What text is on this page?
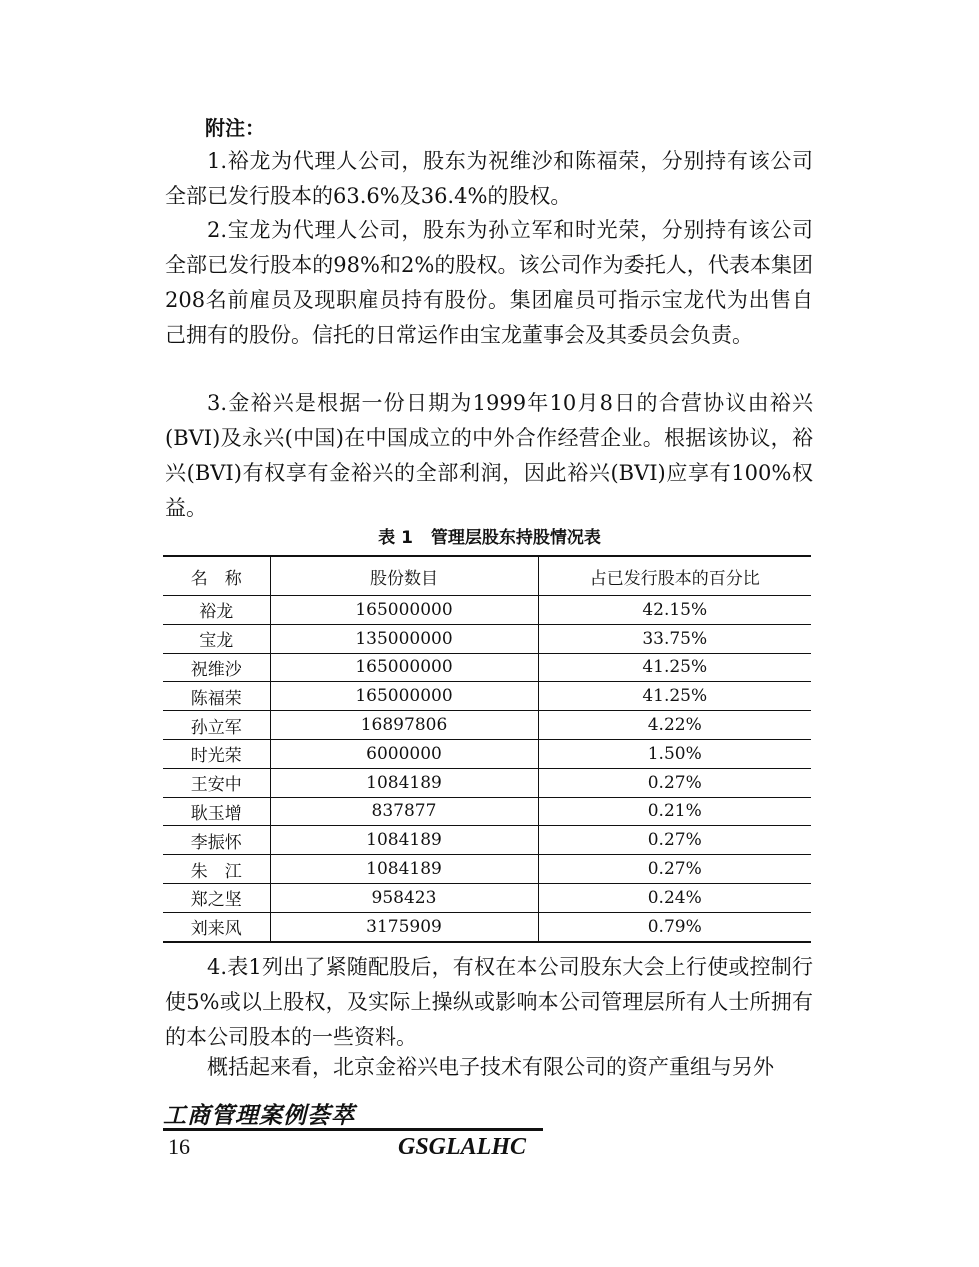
附注：

1.裕龙为代理人公司，股东为祝维沙和陈福荣，分别持有该公司全部已发行股本的63.6%及36.4%的股权。

2.宝龙为代理人公司，股东为孙立军和时光荣，分别持有该公司全部已发行股本的98%和2%的股权。该公司作为委托人，代表本集团208名前雇员及现职雇员持有股份。集团雇员可指示宝龙代为出售自己拥有的股份。信托的日常运作由宝龙董事会及其委员会负责。

3.金裕兴是根据一份日期为1999年10月8日的合营协议由裕兴(BVI)及永兴(中国)在中国成立的中外合作经营企业。根据该协议，裕兴(BVI)有权享有金裕兴的全部利润，因此裕兴(BVI)应享有100%权益。

表 1 管理层股东持股情况表
名　称	股份数目	占已发行股本的百分比
裕龙	165000000	42.15%
宝龙	135000000	33.75%
祝维沙	165000000	41.25%
陈福荣	165000000	41.25%
孙立军	16897806	4.22%
时光荣	6000000	1.50%
王安中	1084189	0.27%
耿玉增	837877	0.21%
李振怀	1084189	0.27%
朱　江	1084189	0.27%
郑之坚	958423	0.24%
刘来风	3175909	0.79%

4.表1列出了紧随配股后，有权在本公司股东大会上行使或控制行使5%或以上股权，及实际上操纵或影响本公司管理层所有人士所拥有的本公司股本的一些资料。

概括起来看，北京金裕兴电子技术有限公司的资产重组与另外

工商管理案例荟萃
16	GSGLALHC
